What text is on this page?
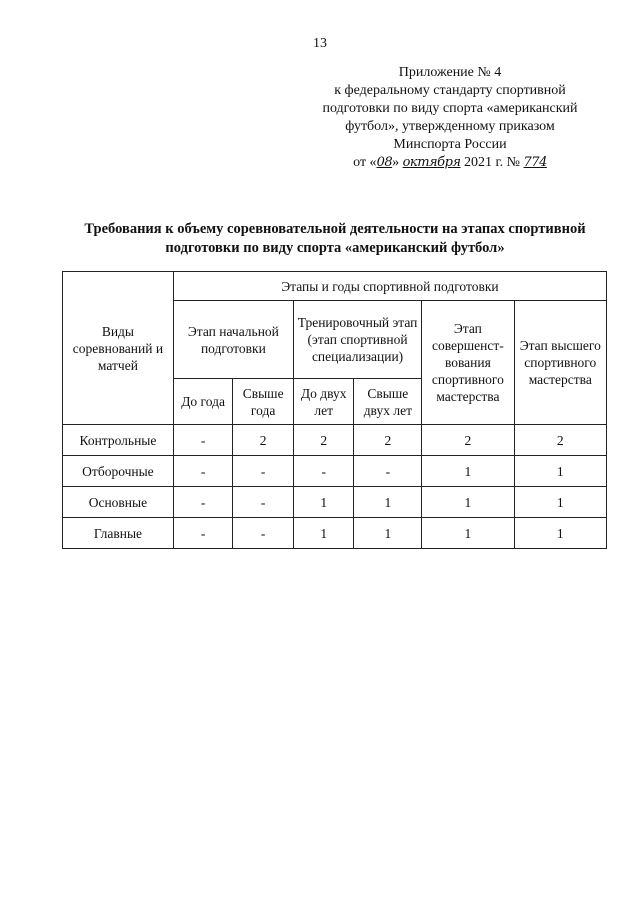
13
Приложение № 4
к федеральному стандарту спортивной
подготовки по виду спорта «американский
футбол», утвержденному приказом
Минспорта России
от «08» октября 2021 г. № 774
Требования к объему соревновательной деятельности на этапах спортивной
подготовки по виду спорта «американский футбол»
Виды соревнований и матчей	Этапы и годы спортивной подготовки					
	Этап начальной подготовки		Тренировочный этап (этап спортивной специализации)		Этап совершенст-вования спортивного мастерства	Этап высшего спортивного мастерства
	До года	Свыше года	До двух лет	Свыше двух лет		
Контрольные	-	2	2	2	2	2
Отборочные	-	-	-	-	1	1
Основные	-	-	1	1	1	1
Главные	-	-	1	1	1	1
